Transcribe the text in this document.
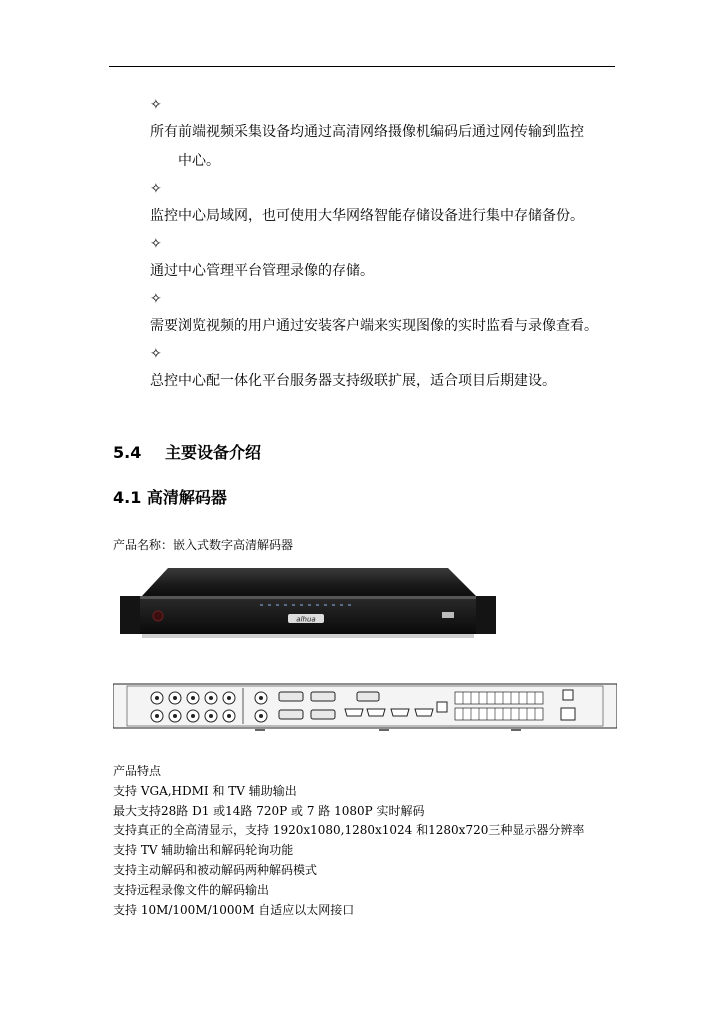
✧
所有前端视频采集设备均通过高清网络摄像机编码后通过网传输到监控
中心。
✧
监控中心局域网，也可使用大华网络智能存储设备进行集中存储备份。
✧
通过中心管理平台管理录像的存储。
✧
需要浏览视频的用户通过安装客户端来实现图像的实时监看与录像查看。
✧
总控中心配一体化平台服务器支持级联扩展，适合项目后期建设。
5.4 主要设备介绍
4.1 高清解码器
产品名称：嵌入式数字高清解码器
alhua
产品特点
支持 VGA,HDMI 和 TV 辅助输出
最大支持28路 D1 或14路 720P 或 7 路 1080P 实时解码
支持真正的全高清显示，支持 1920x1080,1280x1024 和1280x720三种显示器分辨率
支持 TV 辅助输出和解码轮询功能
支持主动解码和被动解码两种解码模式
支持远程录像文件的解码输出
支持 10M/100M/1000M 自适应以太网接口
